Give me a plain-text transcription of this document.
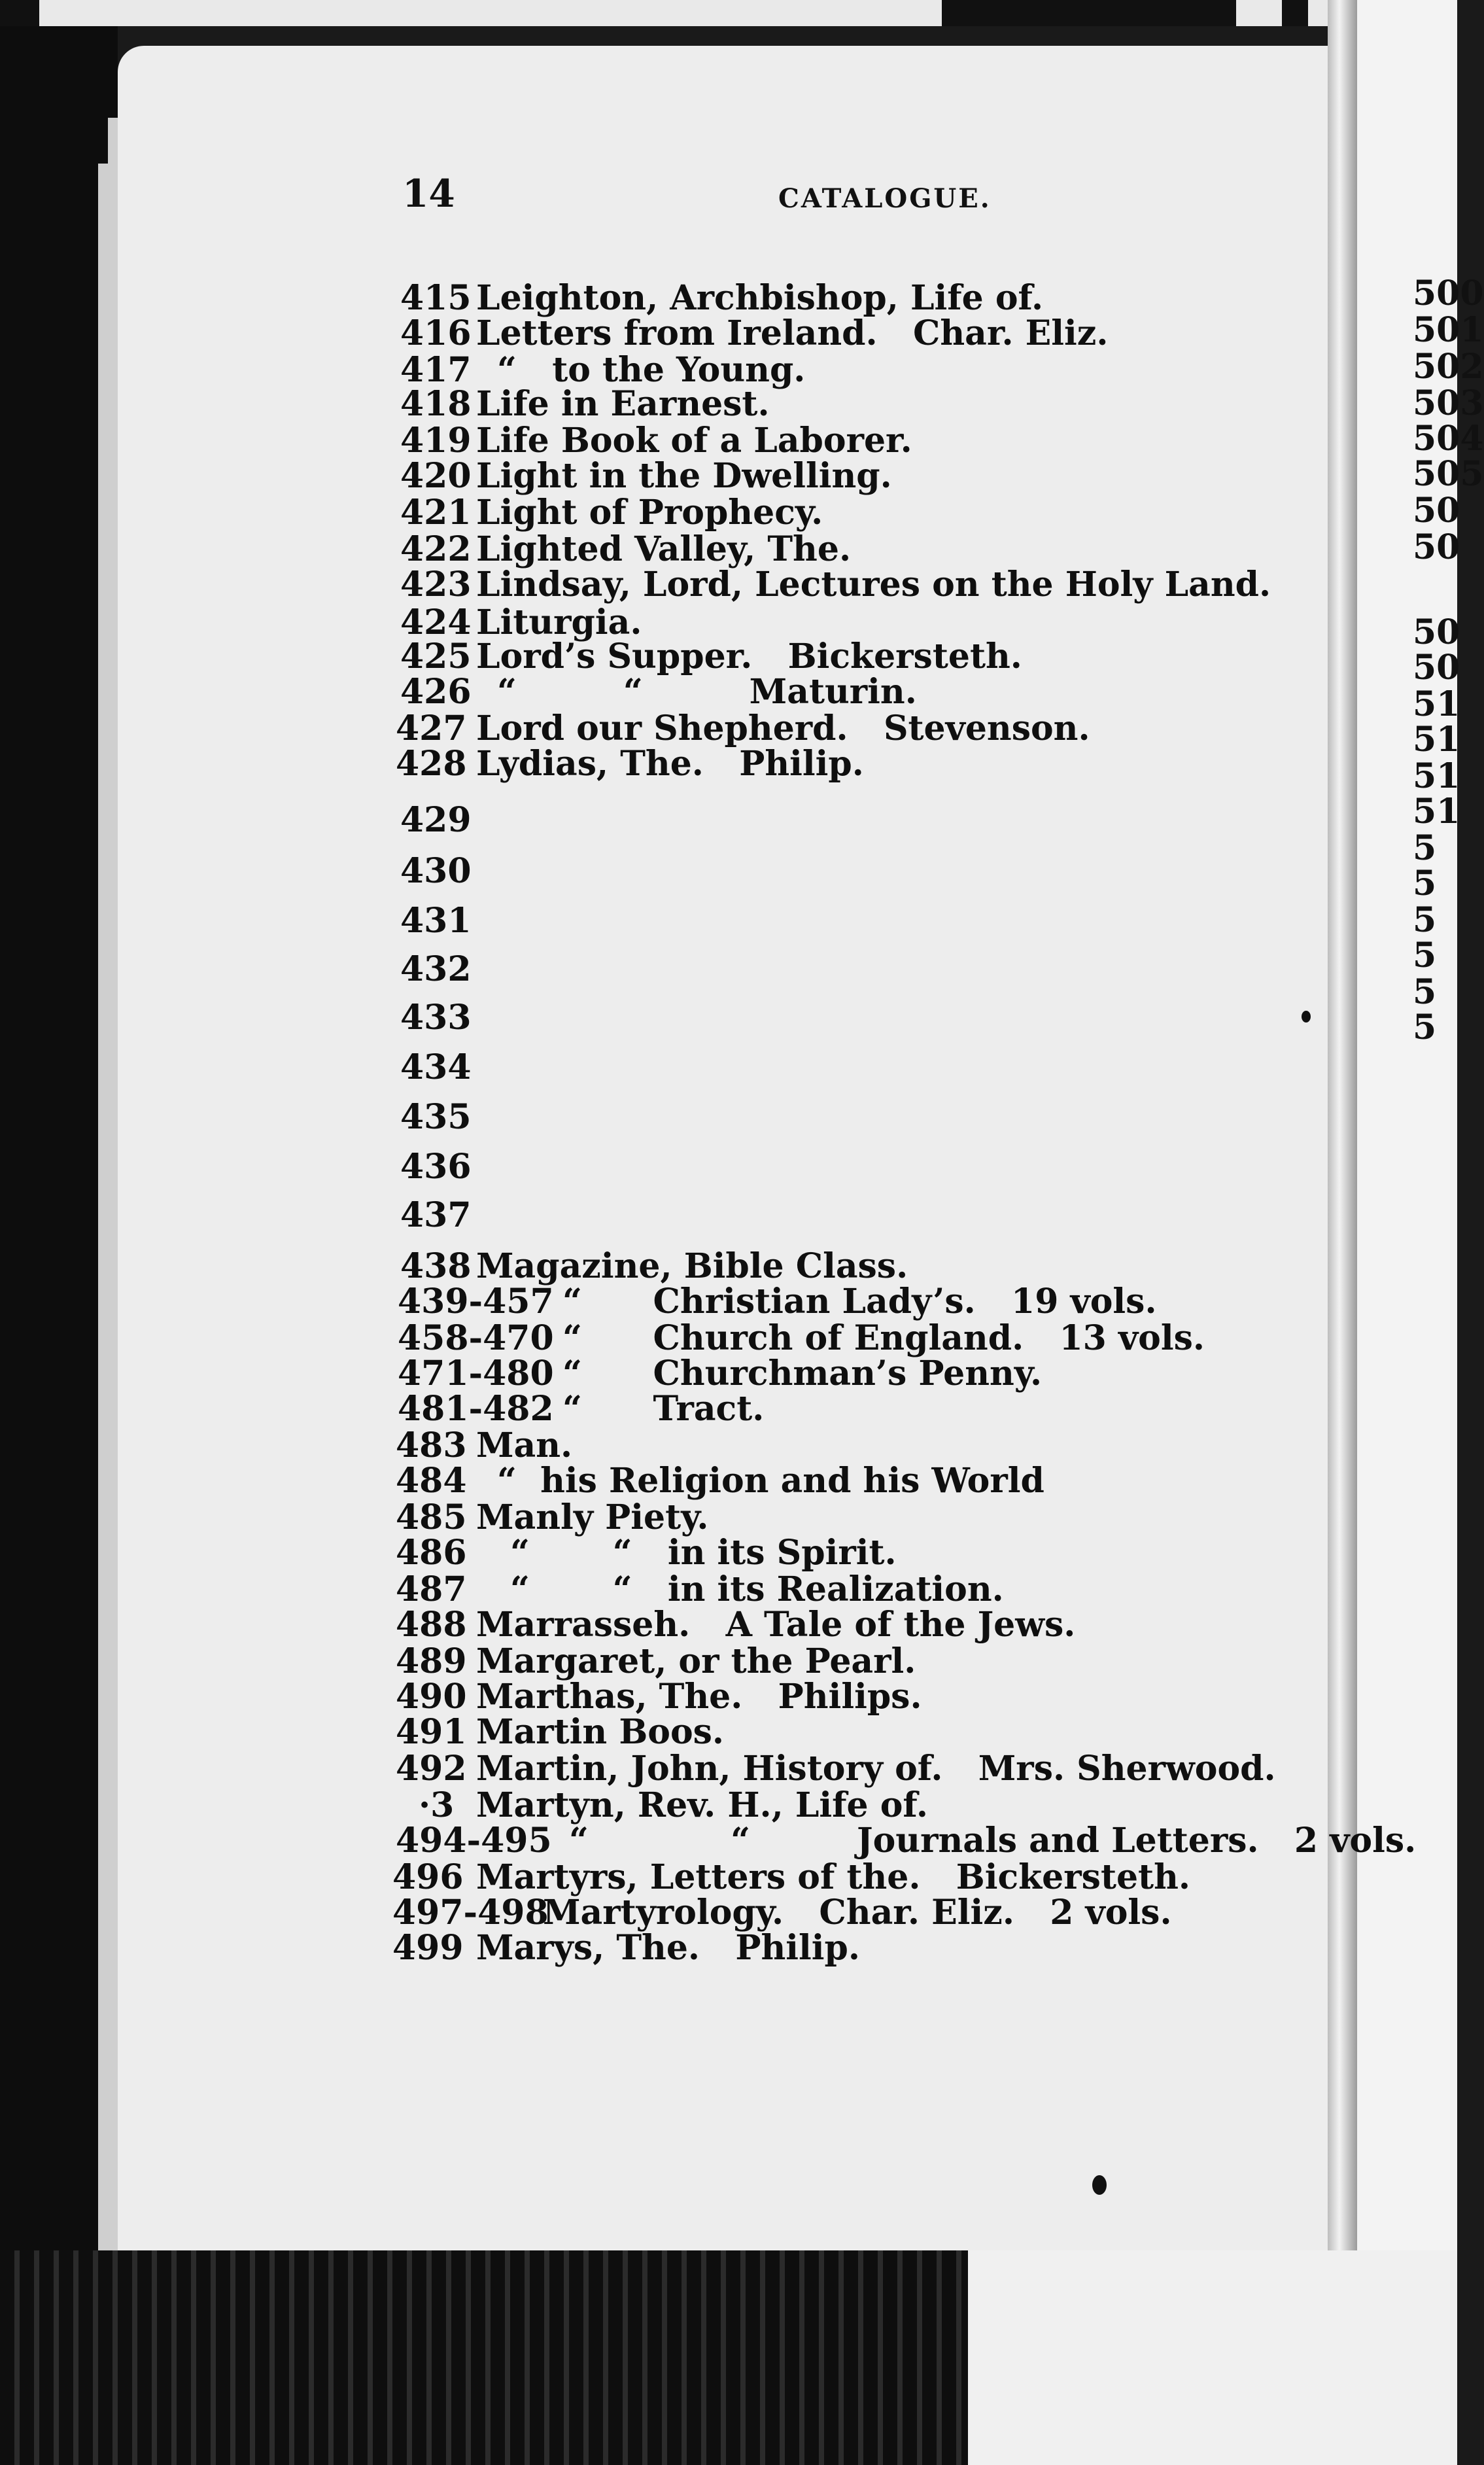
500
501
502
503
504
505
50
50
50
50
51
51
51
51
5
5
5
5
5
5
14	CATALOGUE.
415 Leighton, Archbishop, Life of.
416 Letters from Ireland.   Char. Eliz.
417 “   to the Young.
418 Life in Earnest.
419 Life Book of a Laborer.
420 Light in the Dwelling.
421 Light of Prophecy.
422 Lighted Valley, The.
423 Lindsay, Lord, Lectures on the Holy Land.
424 Liturgia.
425 Lord’s Supper.   Bickersteth.
426 “         “         Maturin.
427 Lord our Shepherd.   Stevenson.
428 Lydias, The.   Philip.
429
430
431
432
433
434
435
436
437
438 Magazine, Bible Class.
439-457 “      Christian Lady’s.   19 vols.
458-470 “      Church of England.   13 vols.
471-480 “      Churchman’s Penny.
481-482 “      Tract.
483 Man.
484 “  his Religion and his World
485 Manly Piety.
486 “       “   in its Spirit.
487 “       “   in its Realization.
488 Marrasseh.   A Tale of the Jews.
489 Margaret, or the Pearl.
490 Marthas, The.   Philips.
491 Martin Boos.
492 Martin, John, History of.   Mrs. Sherwood.
·3 Martyn, Rev. H., Life of.
494-495 “            “         Journals and Letters.   2 vols.
496 Martyrs, Letters of the.   Bickersteth.
497-498
Martyrology.   Char. Eliz.   2 vols.
499 Marys, The.   Philip.
